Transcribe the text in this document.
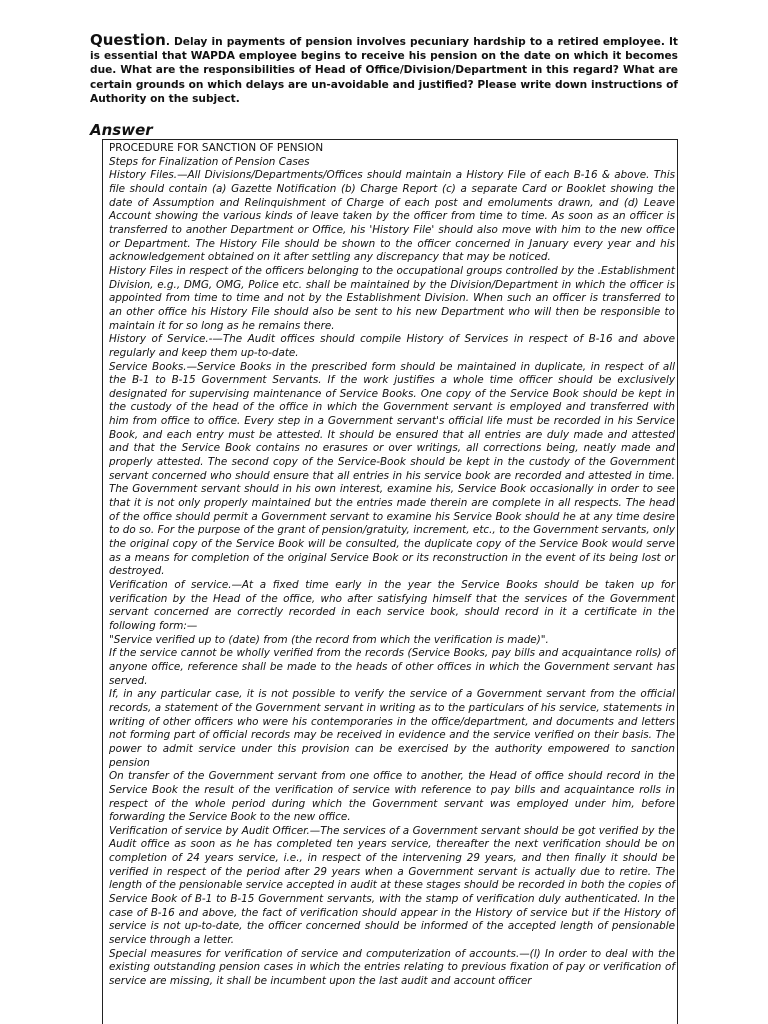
Question. Delay in payments of pension involves pecuniary hardship to a retired employee. It is essential that WAPDA employee begins to receive his pension on the date on which it becomes due. What are the responsibilities of Head of Office/Division/Department in this regard? What are certain grounds on which delays are un-avoidable and justified? Please write down instructions of Authority on the subject.
Answer

PROCEDURE FOR SANCTION OF PENSION

Steps for Finalization of Pension Cases

History Files.—All Divisions/Departments/Offices should maintain a History File of each B-16 & above. This file should contain (a) Gazette Notification (b) Charge Report (c) a separate Card or Booklet showing the date of Assumption and Relinquishment of Charge of each post and emoluments drawn, and (d) Leave Account showing the various kinds of leave taken by the officer from time to time. As soon as an officer is transferred to another Department or Office, his 'History File' should also move with him to the new office or Department. The History File should be shown to the officer concerned in January every year and his acknowledgement obtained on it after settling any discrepancy that may be noticed.

History Files in respect of the officers belonging to the occupational groups controlled by the .Establishment Division, e.g., DMG, OMG, Police etc. shall be maintained by the Division/Department in which the officer is appointed from time to time and not by the Establishment Division. When such an officer is transferred to an other office his History File should also be sent to his new Department who will then be responsible to maintain it for so long as he remains there.

History of Service.-—The Audit offices should compile History of Services in respect of B-16 and above regularly and keep them up-to-date.

Service Books.—Service Books in the prescribed form should be maintained in duplicate, in respect of all the B-1 to B-15 Government Servants. If the work justifies a whole time officer should be exclusively designated for supervising maintenance of Service Books. One copy of the Service Book should be kept in the custody of the head of the office in which the Government servant is employed and transferred with him from office to office. Every step in a Government servant's official life must be recorded in his Service Book, and each entry must be attested. It should be ensured that all entries are duly made and attested and that the Service Book contains no erasures or over writings, all corrections being, neatly made and properly attested. The second copy of the Service-Book should be kept in the custody of the Government servant concerned who should ensure that all entries in his service book are recorded and attested in time. The Government servant should in his own interest, examine his, Service Book occasionally in order to see that it is not only properly maintained but the entries made therein are complete in all respects. The head of the office should permit a Government servant to examine his Service Book should he at any time desire to do so. For the purpose of the grant of pension/gratuity, increment, etc., to the Government servants, only the original copy of the Service Book will be consulted, the duplicate copy of the Service Book would serve as a means for completion of the original Service Book or its reconstruction in the event of its being lost or destroyed.

Verification of service.—At a fixed time early in the year the Service Books should be taken up for verification by the Head of the office, who after satisfying himself that the services of the Government servant concerned are correctly recorded in each service book, should record in it a certificate in the following form:—

"Service verified up to (date) from (the record from which the verification is made)".

If the service cannot be wholly verified from the records (Service Books, pay bills and acquaintance rolls) of anyone office, reference shall be made to the heads of other offices in which the Government servant has served.

If, in any particular case, it is not possible to verify the service of a Government servant from the official records, a statement of the Government servant in writing as to the particulars of his service, statements in writing of other officers who were his contemporaries in the office/department, and documents and letters not forming part of official records may be received in evidence and the service verified on their basis. The power to admit service under this provision can be exercised by the authority empowered to sanction pension

On transfer of the Government servant from one office to another, the Head of office should record in the Service Book the result of the verification of service with reference to pay bills and acquaintance rolls in respect of the whole period during which the Government servant was employed under him, before forwarding the Service Book to the new office.

Verification of service by Audit Officer.—The services of a Government servant should be got verified by the Audit office as soon as he has completed ten years service, thereafter the next verification should be on completion of 24 years service, i.e., in respect of the intervening 29 years, and then finally it should be verified in respect of the period after 29 years when a Government servant is actually due to retire. The length of the pensionable service accepted in audit at these stages should be recorded in both the copies of Service Book of B-1 to B-15 Government servants, with the stamp of verification duly authenticated. In the case of B-16 and above, the fact of verification should appear in the History of service but if the History of service is not up-to-date, the officer concerned should be informed of the accepted length of pensionable service through a letter.

Special measures for verification of service and computerization of accounts.—(l) In order to deal with the existing outstanding pension cases in which the entries relating to previous fixation of pay or verification of service are missing, it shall be incumbent upon the last audit and account officer
